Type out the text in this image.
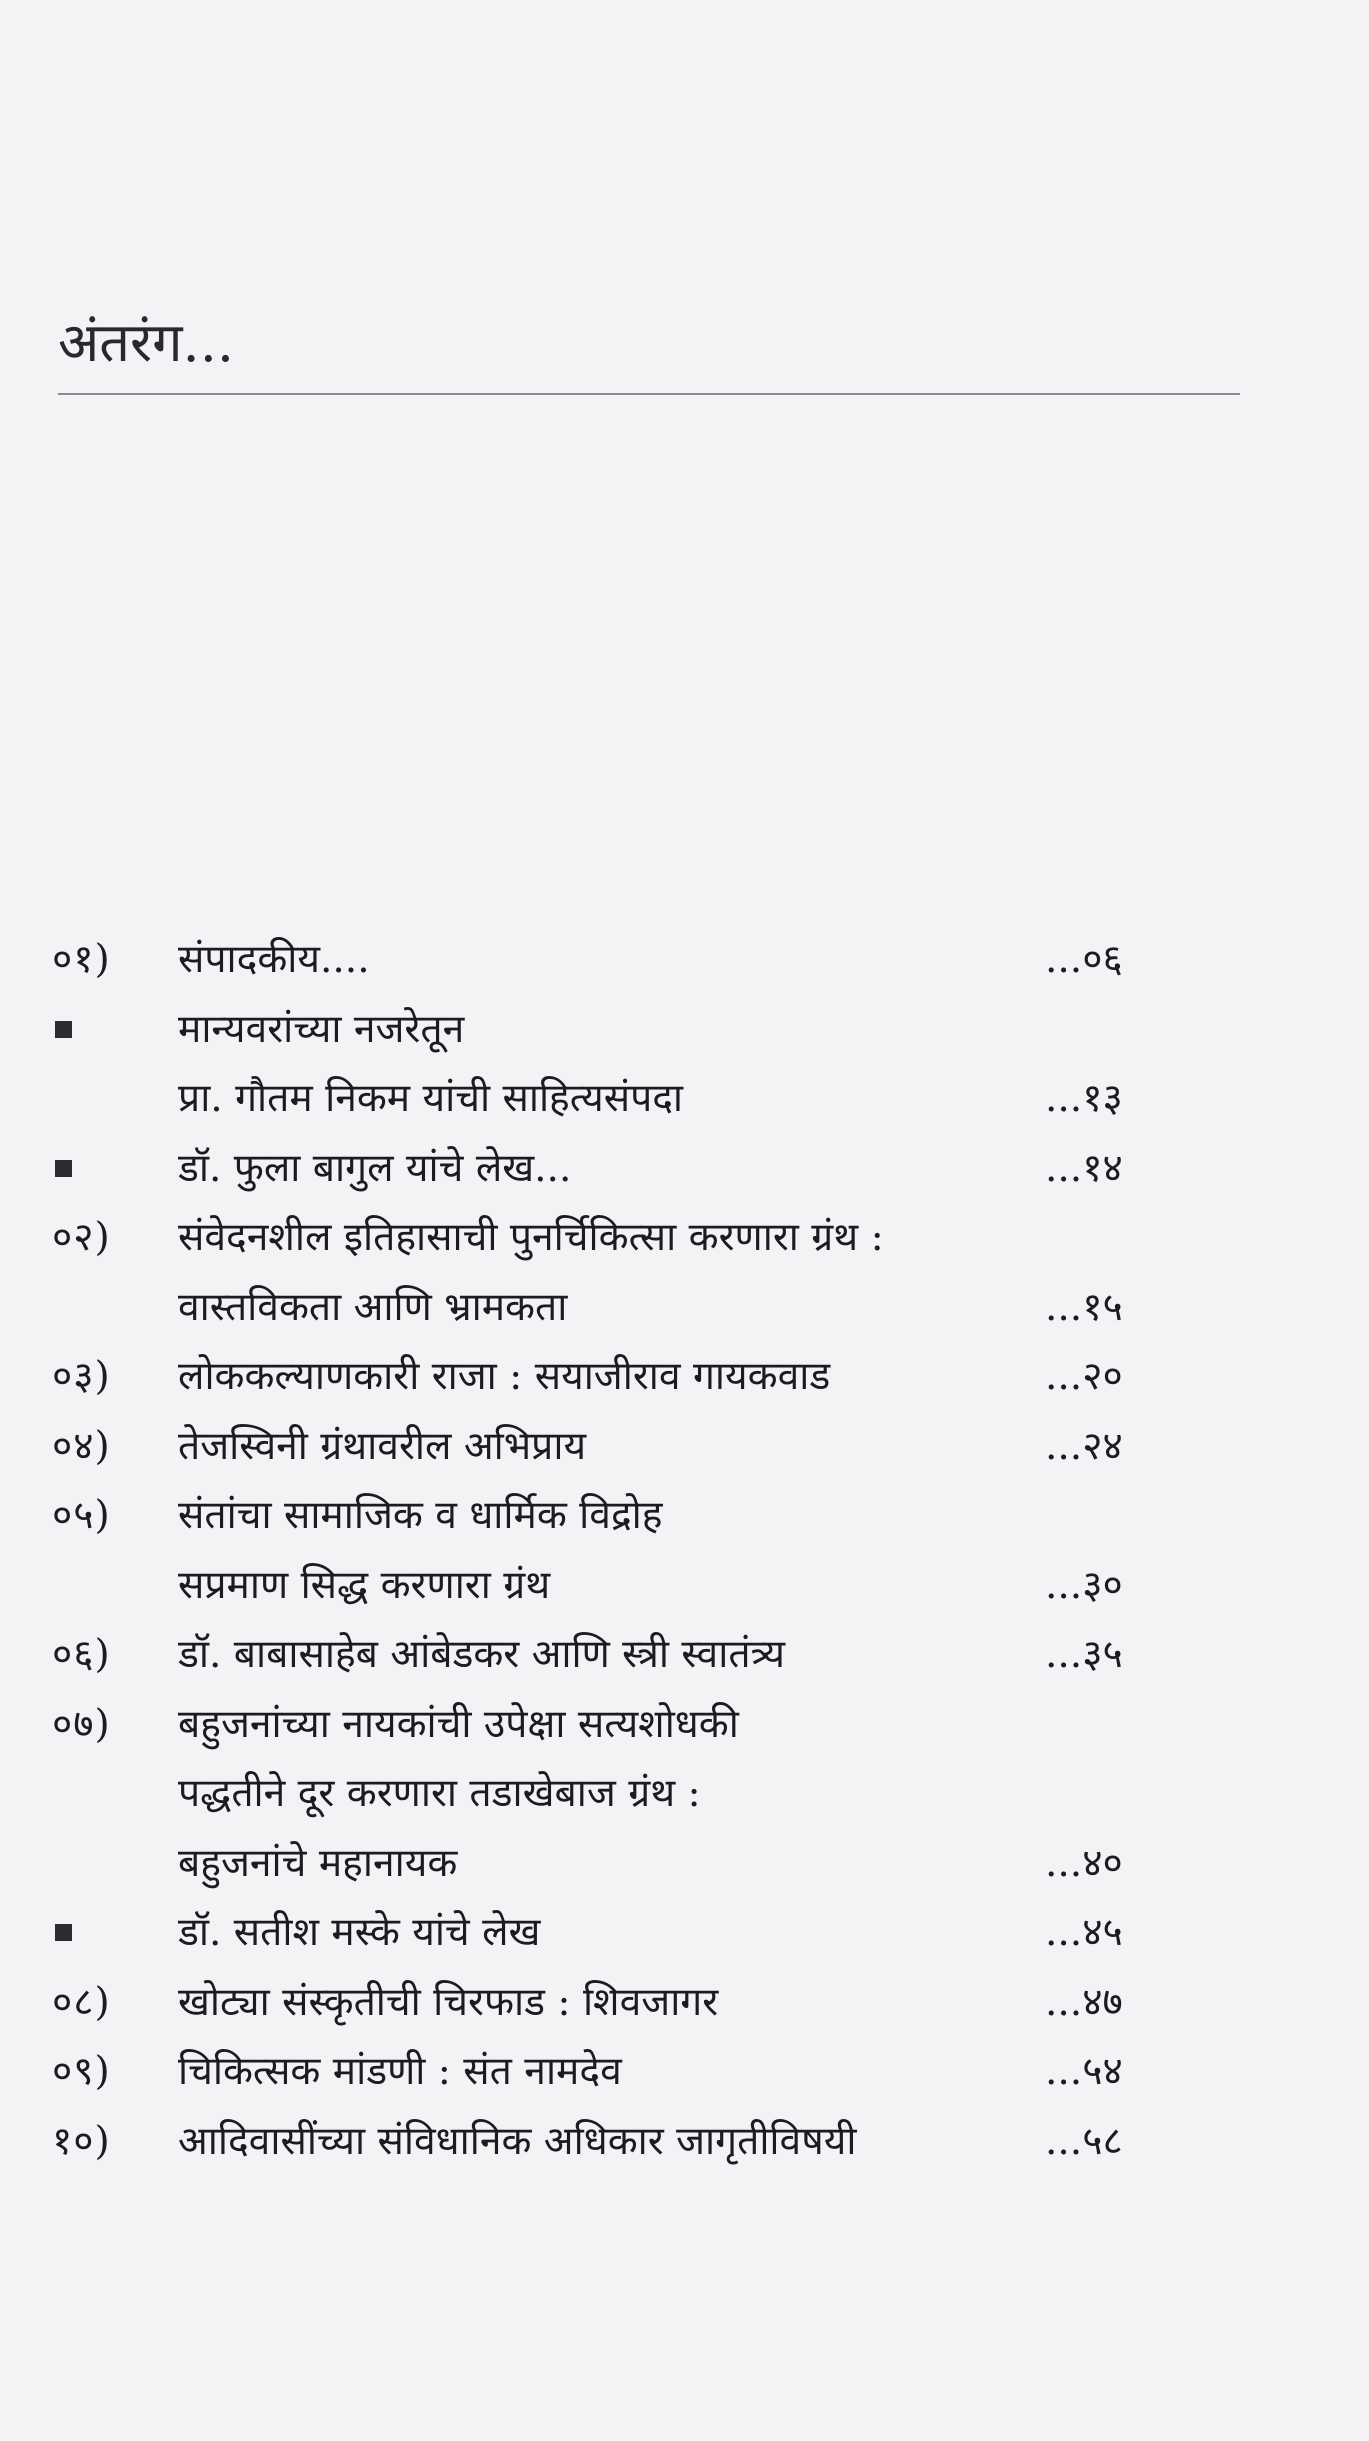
अंतरंग...
०१) संपादकीय....	...०६
मान्यवरांच्या नजरेतून
प्रा. गौतम निकम यांची साहित्यसंपदा	...१३
डॉ. फुला बागुल यांचे लेख...	...१४
०२) संवेदनशील इतिहासाची पुनर्चिकित्सा करणारा ग्रंथ :
वास्तविकता आणि भ्रामकता	...१५
०३) लोककल्याणकारी राजा : सयाजीराव गायकवाड	...२०
०४) तेजस्विनी ग्रंथावरील अभिप्राय	...२४
०५) संतांचा सामाजिक व धार्मिक विद्रोह
सप्रमाण सिद्ध करणारा ग्रंथ	...३०
०६) डॉ. बाबासाहेब आंबेडकर आणि स्त्री स्वातंत्र्य	...३५
०७) बहुजनांच्या नायकांची उपेक्षा सत्यशोधकी
पद्धतीने दूर करणारा तडाखेबाज ग्रंथ :
बहुजनांचे महानायक	...४०
डॉ. सतीश मस्के यांचे लेख	...४५
०८) खोट्या संस्कृतीची चिरफाड : शिवजागर	...४७
०९) चिकित्सक मांडणी : संत नामदेव	...५४
१०) आदिवासींच्या संविधानिक अधिकार जागृतीविषयी	...५८
